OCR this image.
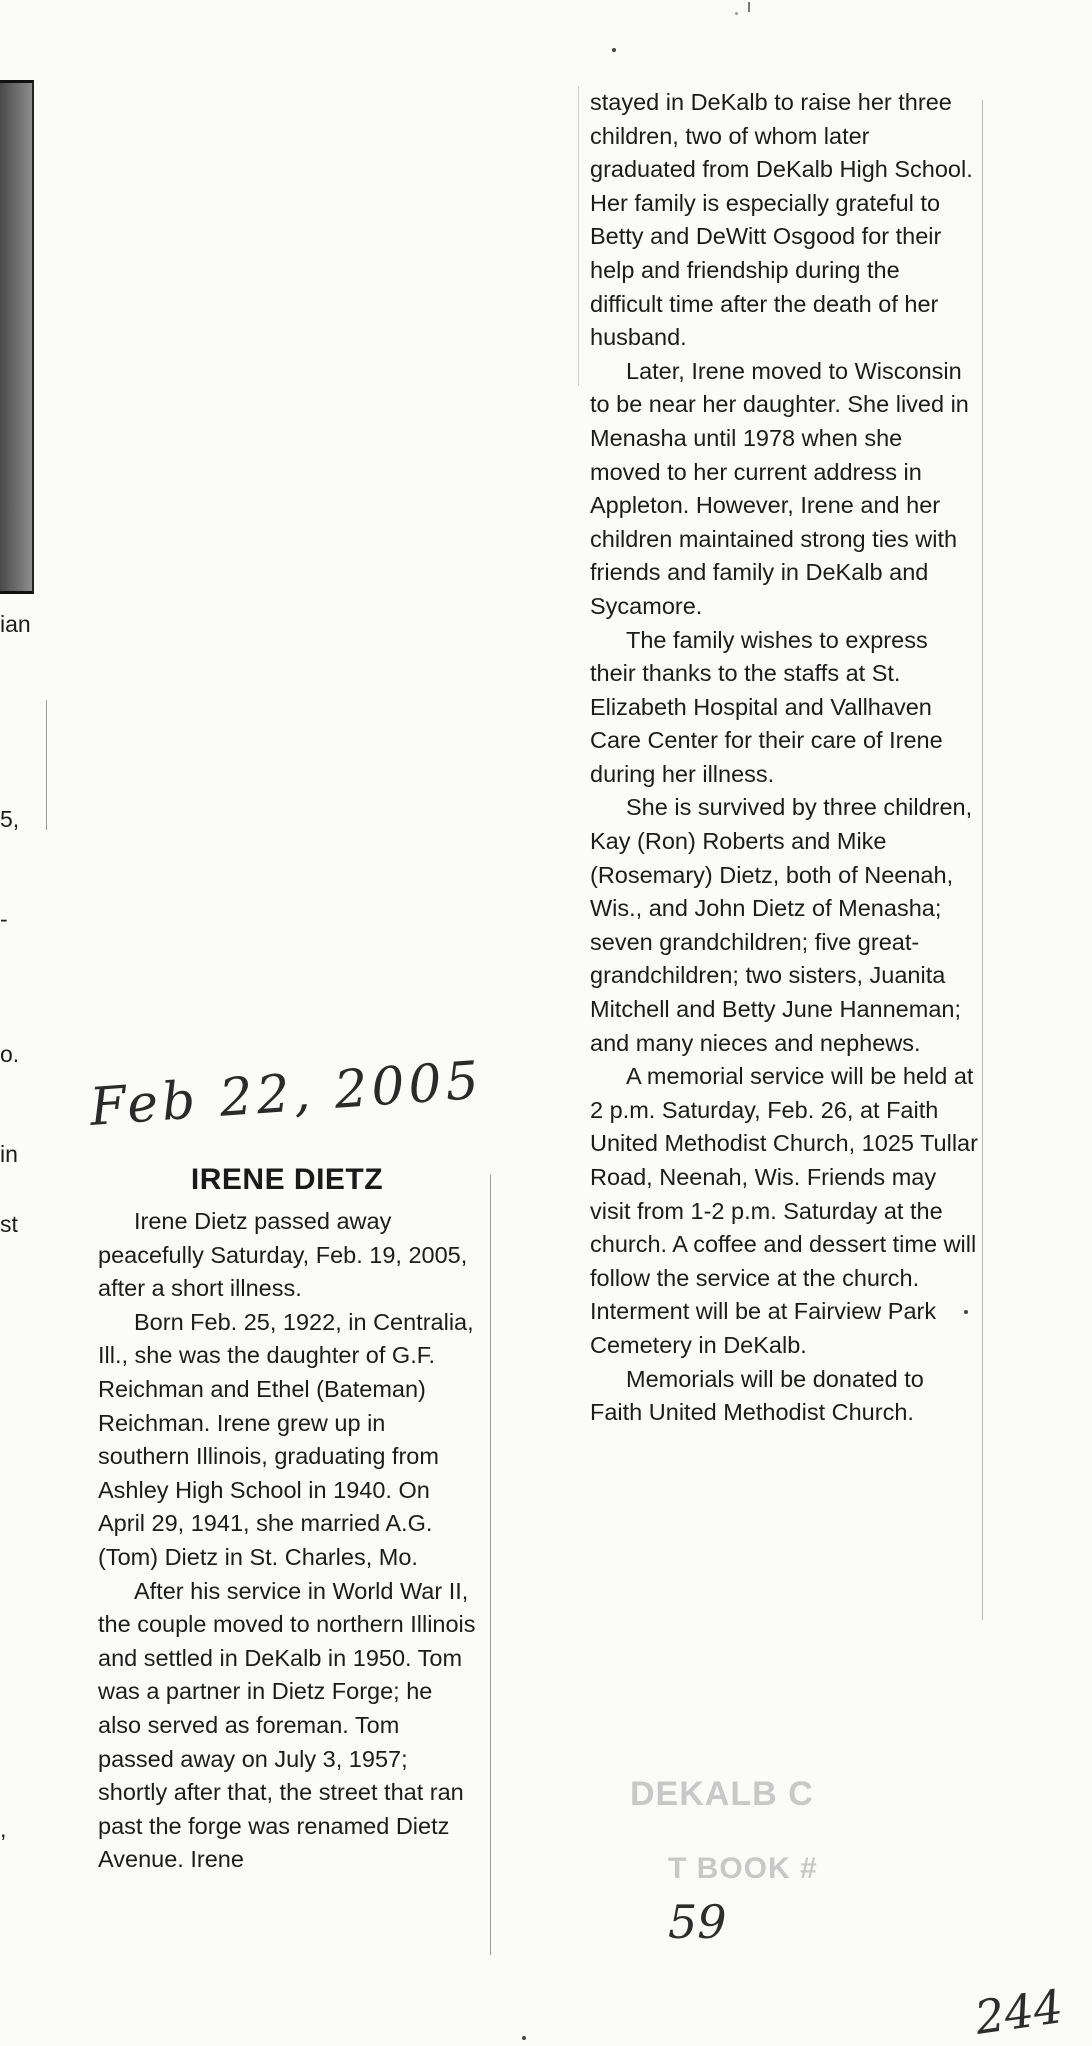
ian
5,
-
o.
in
st
,
Feb 22, 2005
IRENE DIETZ

Irene Dietz passed away peacefully Saturday, Feb. 19, 2005, after a short illness.

Born Feb. 25, 1922, in Centralia, Ill., she was the daughter of G.F. Reichman and Ethel (Bateman) Reichman. Irene grew up in southern Illinois, graduating from Ashley High School in 1940. On April 29, 1941, she married A.G. (Tom) Dietz in St. Charles, Mo.

After his service in World War II, the couple moved to northern Illinois and settled in DeKalb in 1950. Tom was a partner in Dietz Forge; he also served as foreman. Tom passed away on July 3, 1957; shortly after that, the street that ran past the forge was renamed Dietz Avenue. Irene

stayed in DeKalb to raise her three children, two of whom later graduated from DeKalb High School. Her family is especially grateful to Betty and DeWitt Osgood for their help and friendship during the difficult time after the death of her husband.

Later, Irene moved to Wisconsin to be near her daughter. She lived in Menasha until 1978 when she moved to her current address in Appleton. However, Irene and her children maintained strong ties with friends and family in DeKalb and Sycamore.

The family wishes to express their thanks to the staffs at St. Elizabeth Hospital and Vallhaven Care Center for their care of Irene during her illness.

She is survived by three children, Kay (Ron) Roberts and Mike (Rosemary) Dietz, both of Neenah, Wis., and John Dietz of Menasha; seven grandchildren; five great-grandchildren; two sisters, Juanita Mitchell and Betty June Hanneman; and many nieces and nephews.

A memorial service will be held at 2 p.m. Saturday, Feb. 26, at Faith United Methodist Church, 1025 Tullar Road, Neenah, Wis. Friends may visit from 1-2 p.m. Saturday at the church. A coffee and dessert time will follow the service at the church. Interment will be at Fairview Park Cemetery in DeKalb.

Memorials will be donated to Faith United Methodist Church.

DEKALB C
T BOOK #
59
244
